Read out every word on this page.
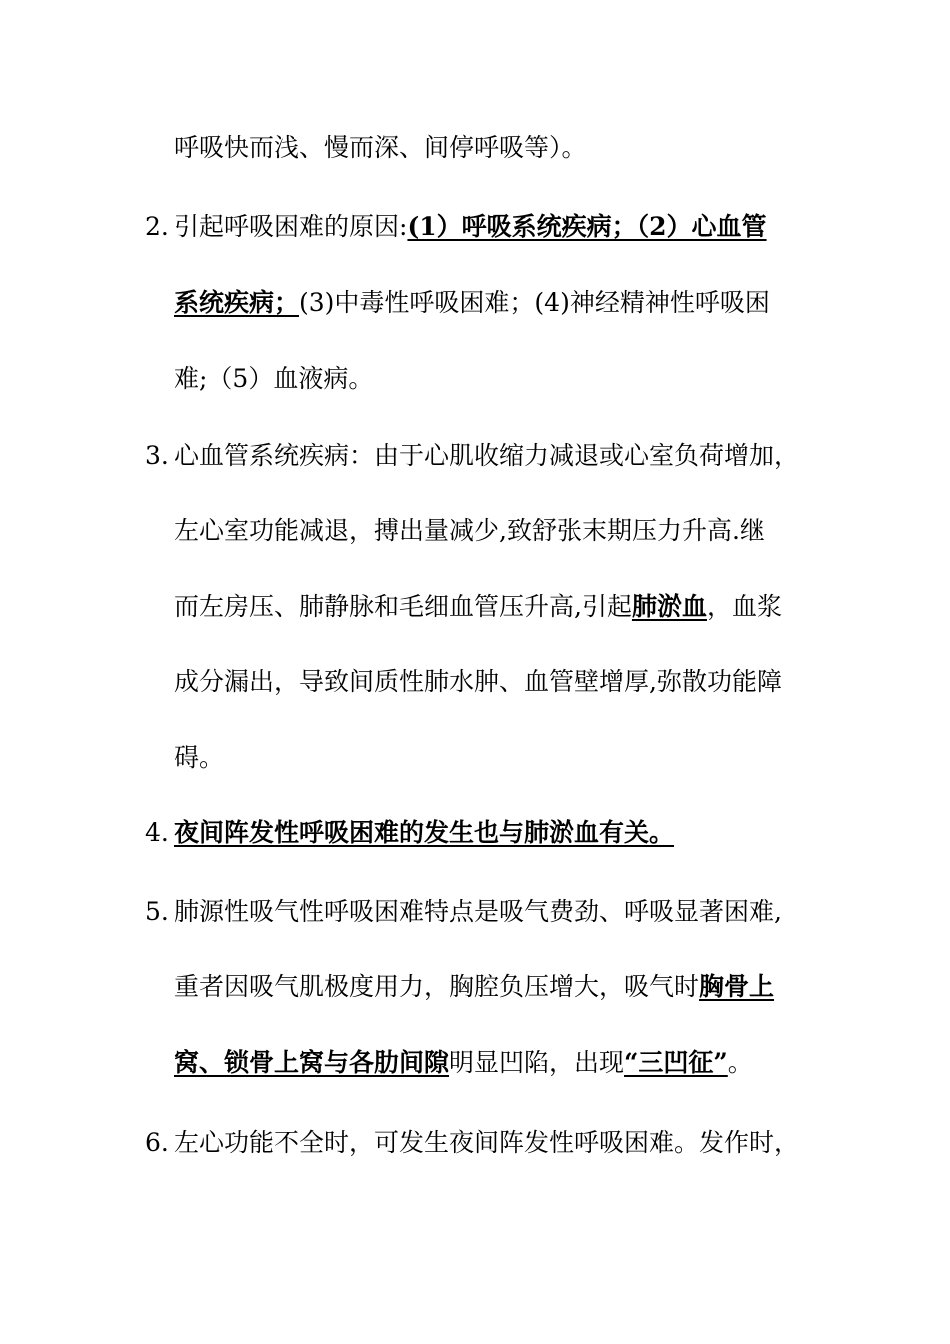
呼吸快而浅、慢而深、间停呼吸等）。
2. 引起呼吸困难的原因:(1）呼吸系统疾病；（2）心血管
系统疾病；(3)中毒性呼吸困难；(4)神经精神性呼吸困
难;（5）血液病。
3. 心血管系统疾病：由于心肌收缩力减退或心室负荷增加，
左心室功能减退，搏出量减少,致舒张末期压力升高.继
而左房压、肺静脉和毛细血管压升高,引起肺淤血，血浆
成分漏出，导致间质性肺水肿、血管壁增厚,弥散功能障
碍。
4. 夜间阵发性呼吸困难的发生也与肺淤血有关。
5. 肺源性吸气性呼吸困难特点是吸气费劲、呼吸显著困难,
重者因吸气肌极度用力，胸腔负压增大，吸气时胸骨上
窝、锁骨上窝与各肋间隙明显凹陷，出现“三凹征”。
6. 左心功能不全时，可发生夜间阵发性呼吸困难。发作时，
